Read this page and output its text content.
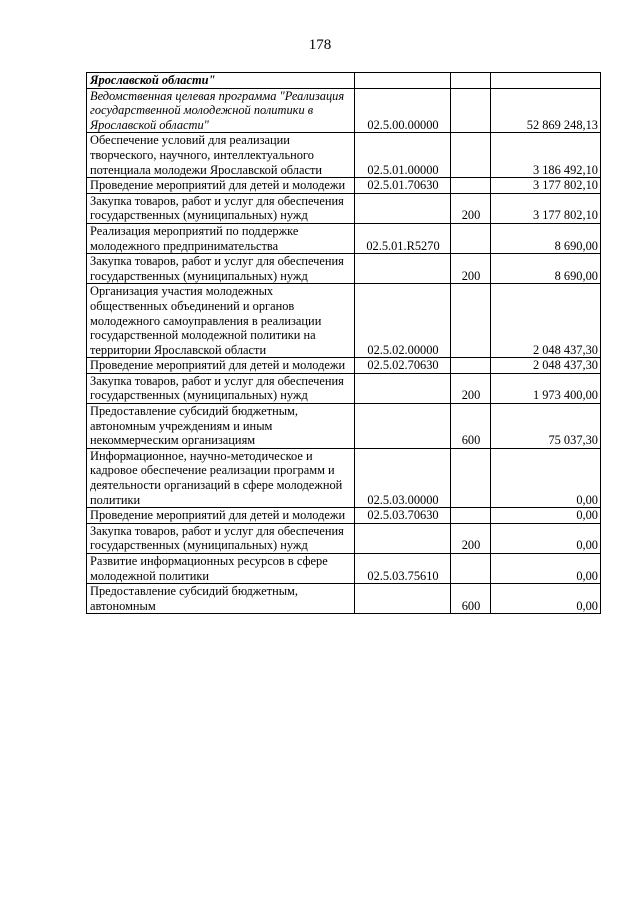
178
Ярославской области"			
Ведомственная целевая программа "Реализация государственной молодежной политики в Ярославской области"	02.5.00.00000		52 869 248,13
Обеспечение условий для реализации творческого, научного, интеллектуального потенциала молодежи Ярославской области	02.5.01.00000		3 186 492,10
Проведение мероприятий для детей и молодежи	02.5.01.70630		3 177 802,10
Закупка товаров, работ и услуг для обеспечения государственных (муниципальных) нужд		200	3 177 802,10
Реализация мероприятий по поддержке молодежного предпринимательства	02.5.01.R5270		8 690,00
Закупка товаров, работ и услуг для обеспечения государственных (муниципальных) нужд		200	8 690,00
Организация участия молодежных общественных объединений и органов молодежного самоуправления в реализации государственной молодежной политики на территории Ярославской области	02.5.02.00000		2 048 437,30
Проведение мероприятий для детей и молодежи	02.5.02.70630		2 048 437,30
Закупка товаров, работ и услуг для обеспечения государственных (муниципальных) нужд		200	1 973 400,00
Предоставление субсидий бюджетным, автономным учреждениям и иным некоммерческим организациям		600	75 037,30
Информационное, научно-методическое и кадровое обеспечение реализации программ и деятельности организаций в сфере молодежной политики	02.5.03.00000		0,00
Проведение мероприятий для детей и молодежи	02.5.03.70630		0,00
Закупка товаров, работ и услуг для обеспечения государственных (муниципальных) нужд		200	0,00
Развитие информационных ресурсов в сфере молодежной политики	02.5.03.75610		0,00
Предоставление субсидий бюджетным, автономным		600	0,00
